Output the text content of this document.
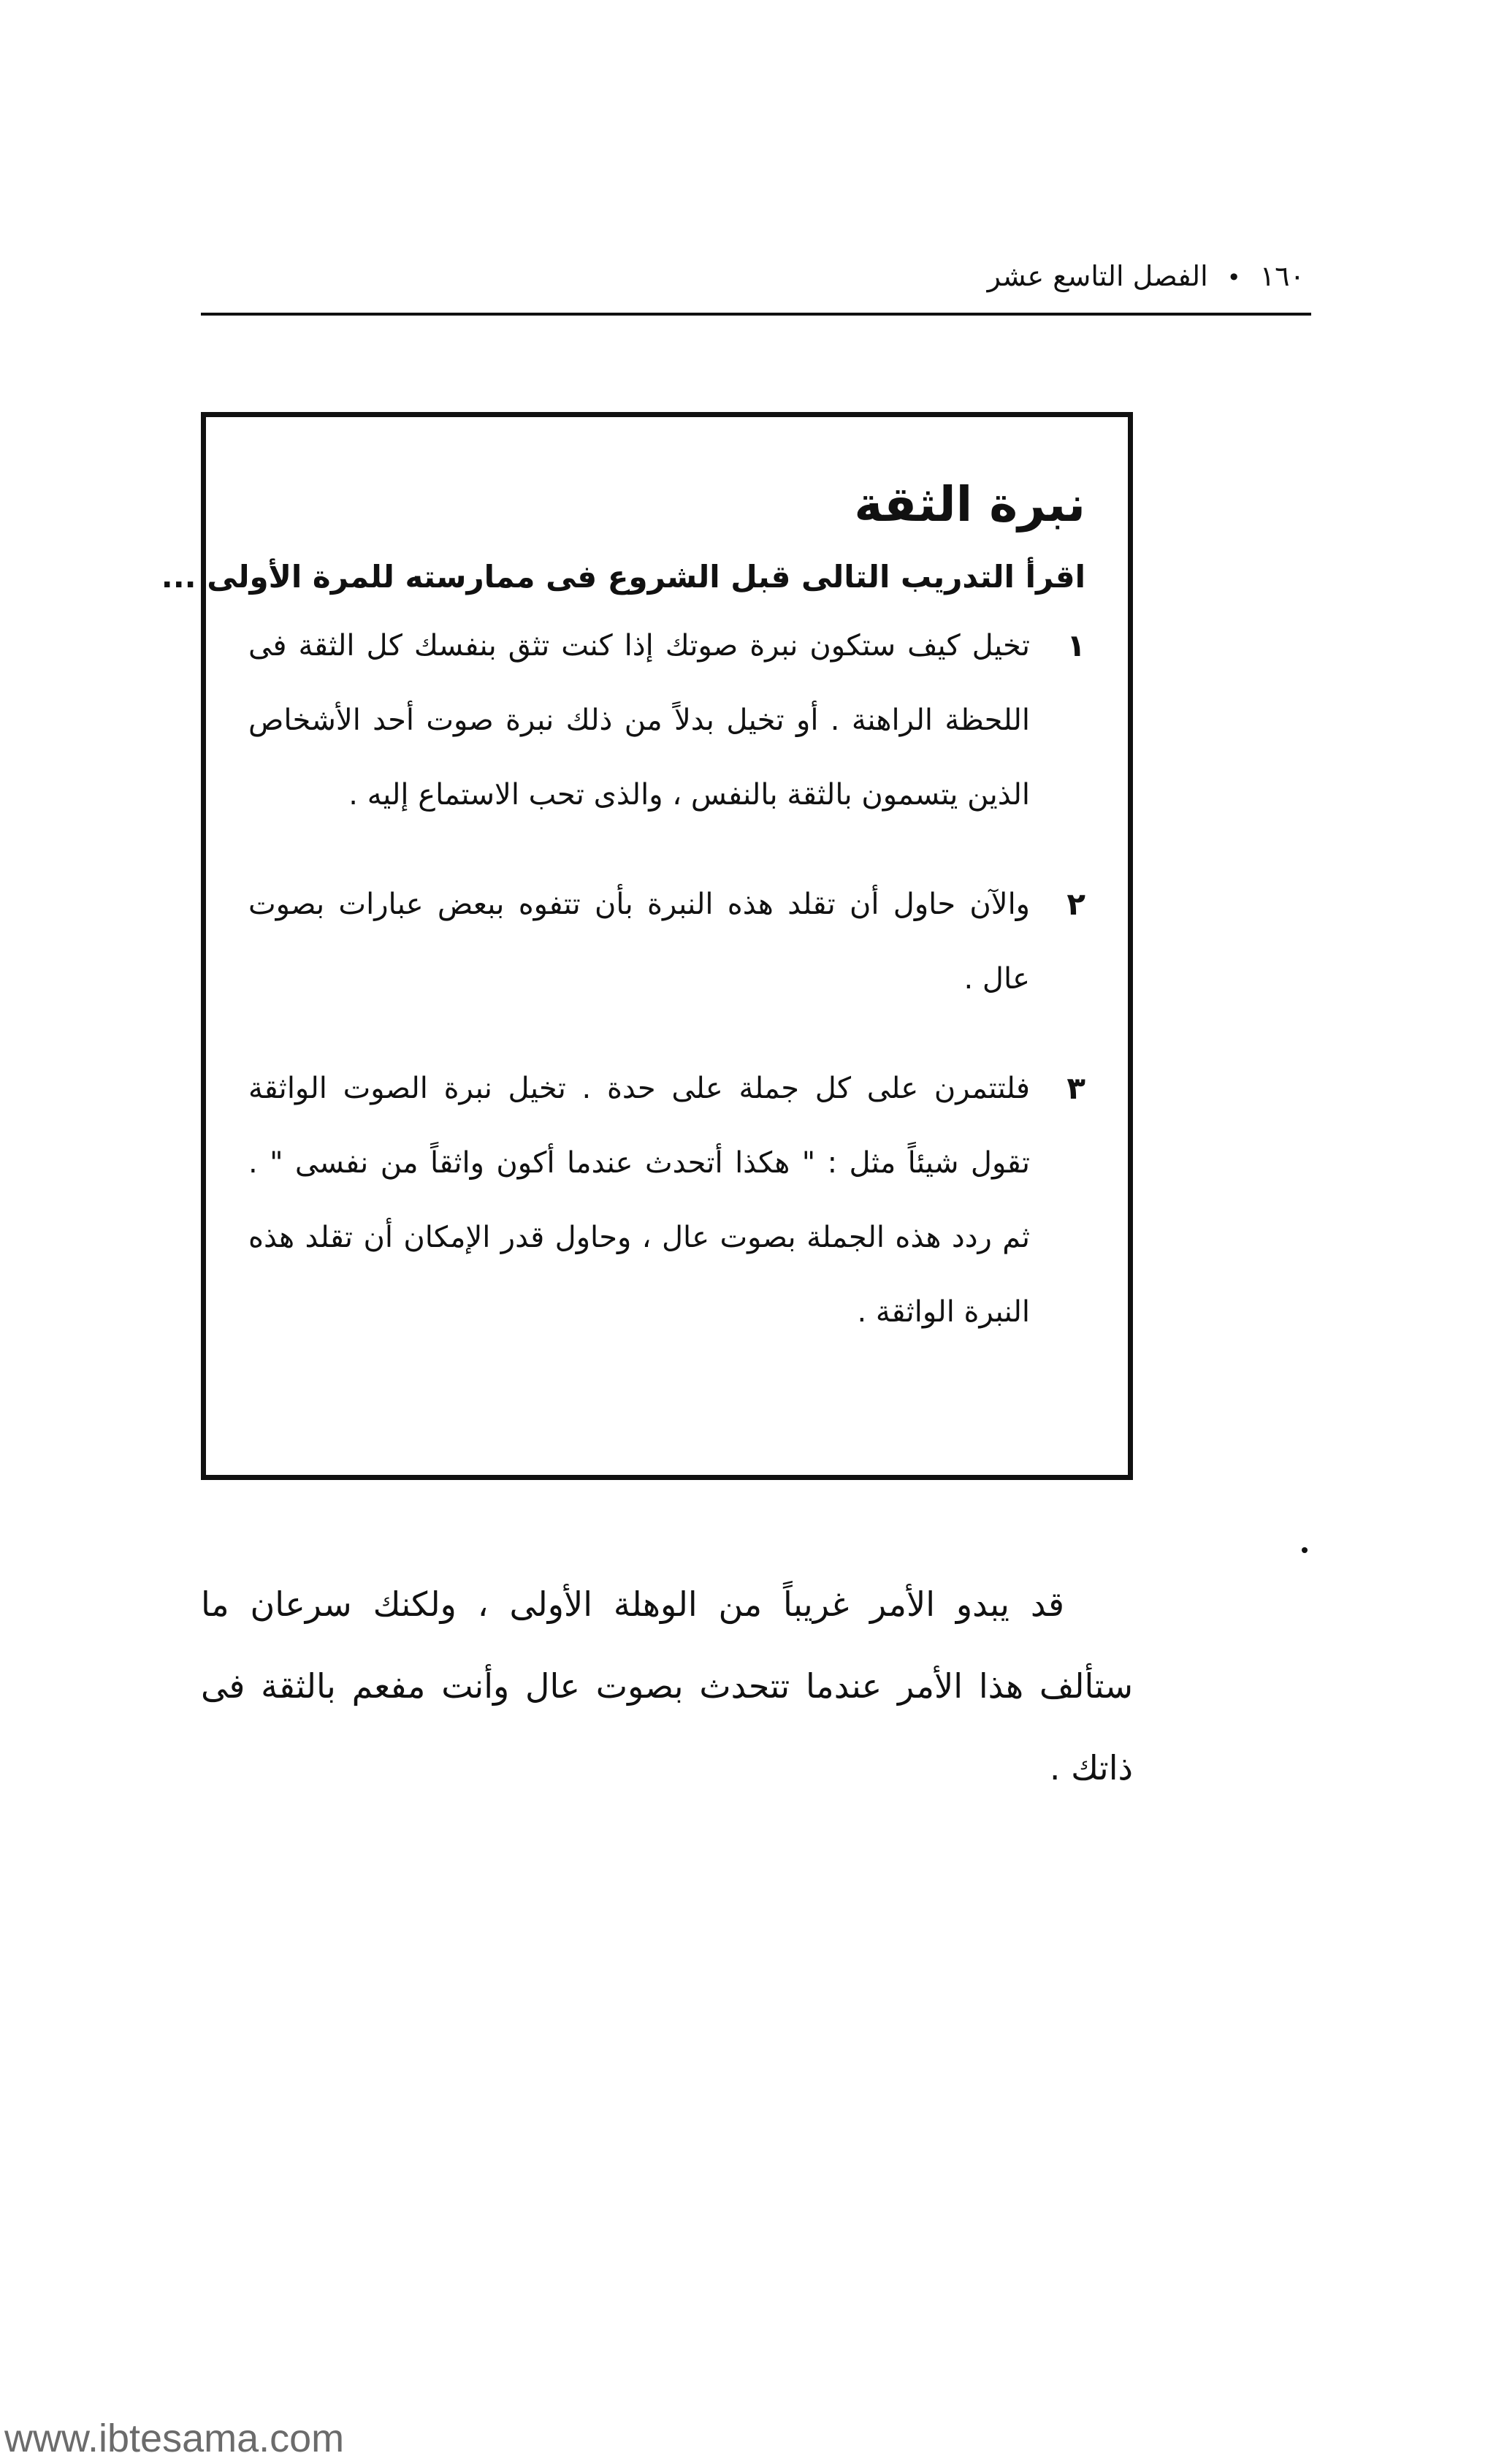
١٦٠ • الفصل التاسع عشر
نبرة الثقة

اقرأ التدريب التالى قبل الشروع فى ممارسته للمرة الأولى ...

١
تخيل كيف ستكون نبرة صوتك إذا كنت تثق بنفسك كل الثقة فى اللحظة الراهنة . أو تخيل بدلاً من ذلك نبرة صوت أحد الأشخاص الذين يتسمون بالثقة بالنفس ، والذى تحب الاستماع إليه .
٢
والآن حاول أن تقلد هذه النبرة بأن تتفوه ببعض عبارات بصوت عال .
٣
فلتتمرن على كل جملة على حدة . تخيل نبرة الصوت الواثقة تقول شيئاً مثل : " هكذا أتحدث عندما أكون واثقاً من نفسى " . ثم ردد هذه الجملة بصوت عال ، وحاول قدر الإمكان أن تقلد هذه النبرة الواثقة .

قد يبدو الأمر غريباً من الوهلة الأولى ، ولكنك سرعان ما ستألف هذا الأمر عندما تتحدث بصوت عال وأنت مفعم بالثقة فى ذاتك .

www.ibtesama.com
